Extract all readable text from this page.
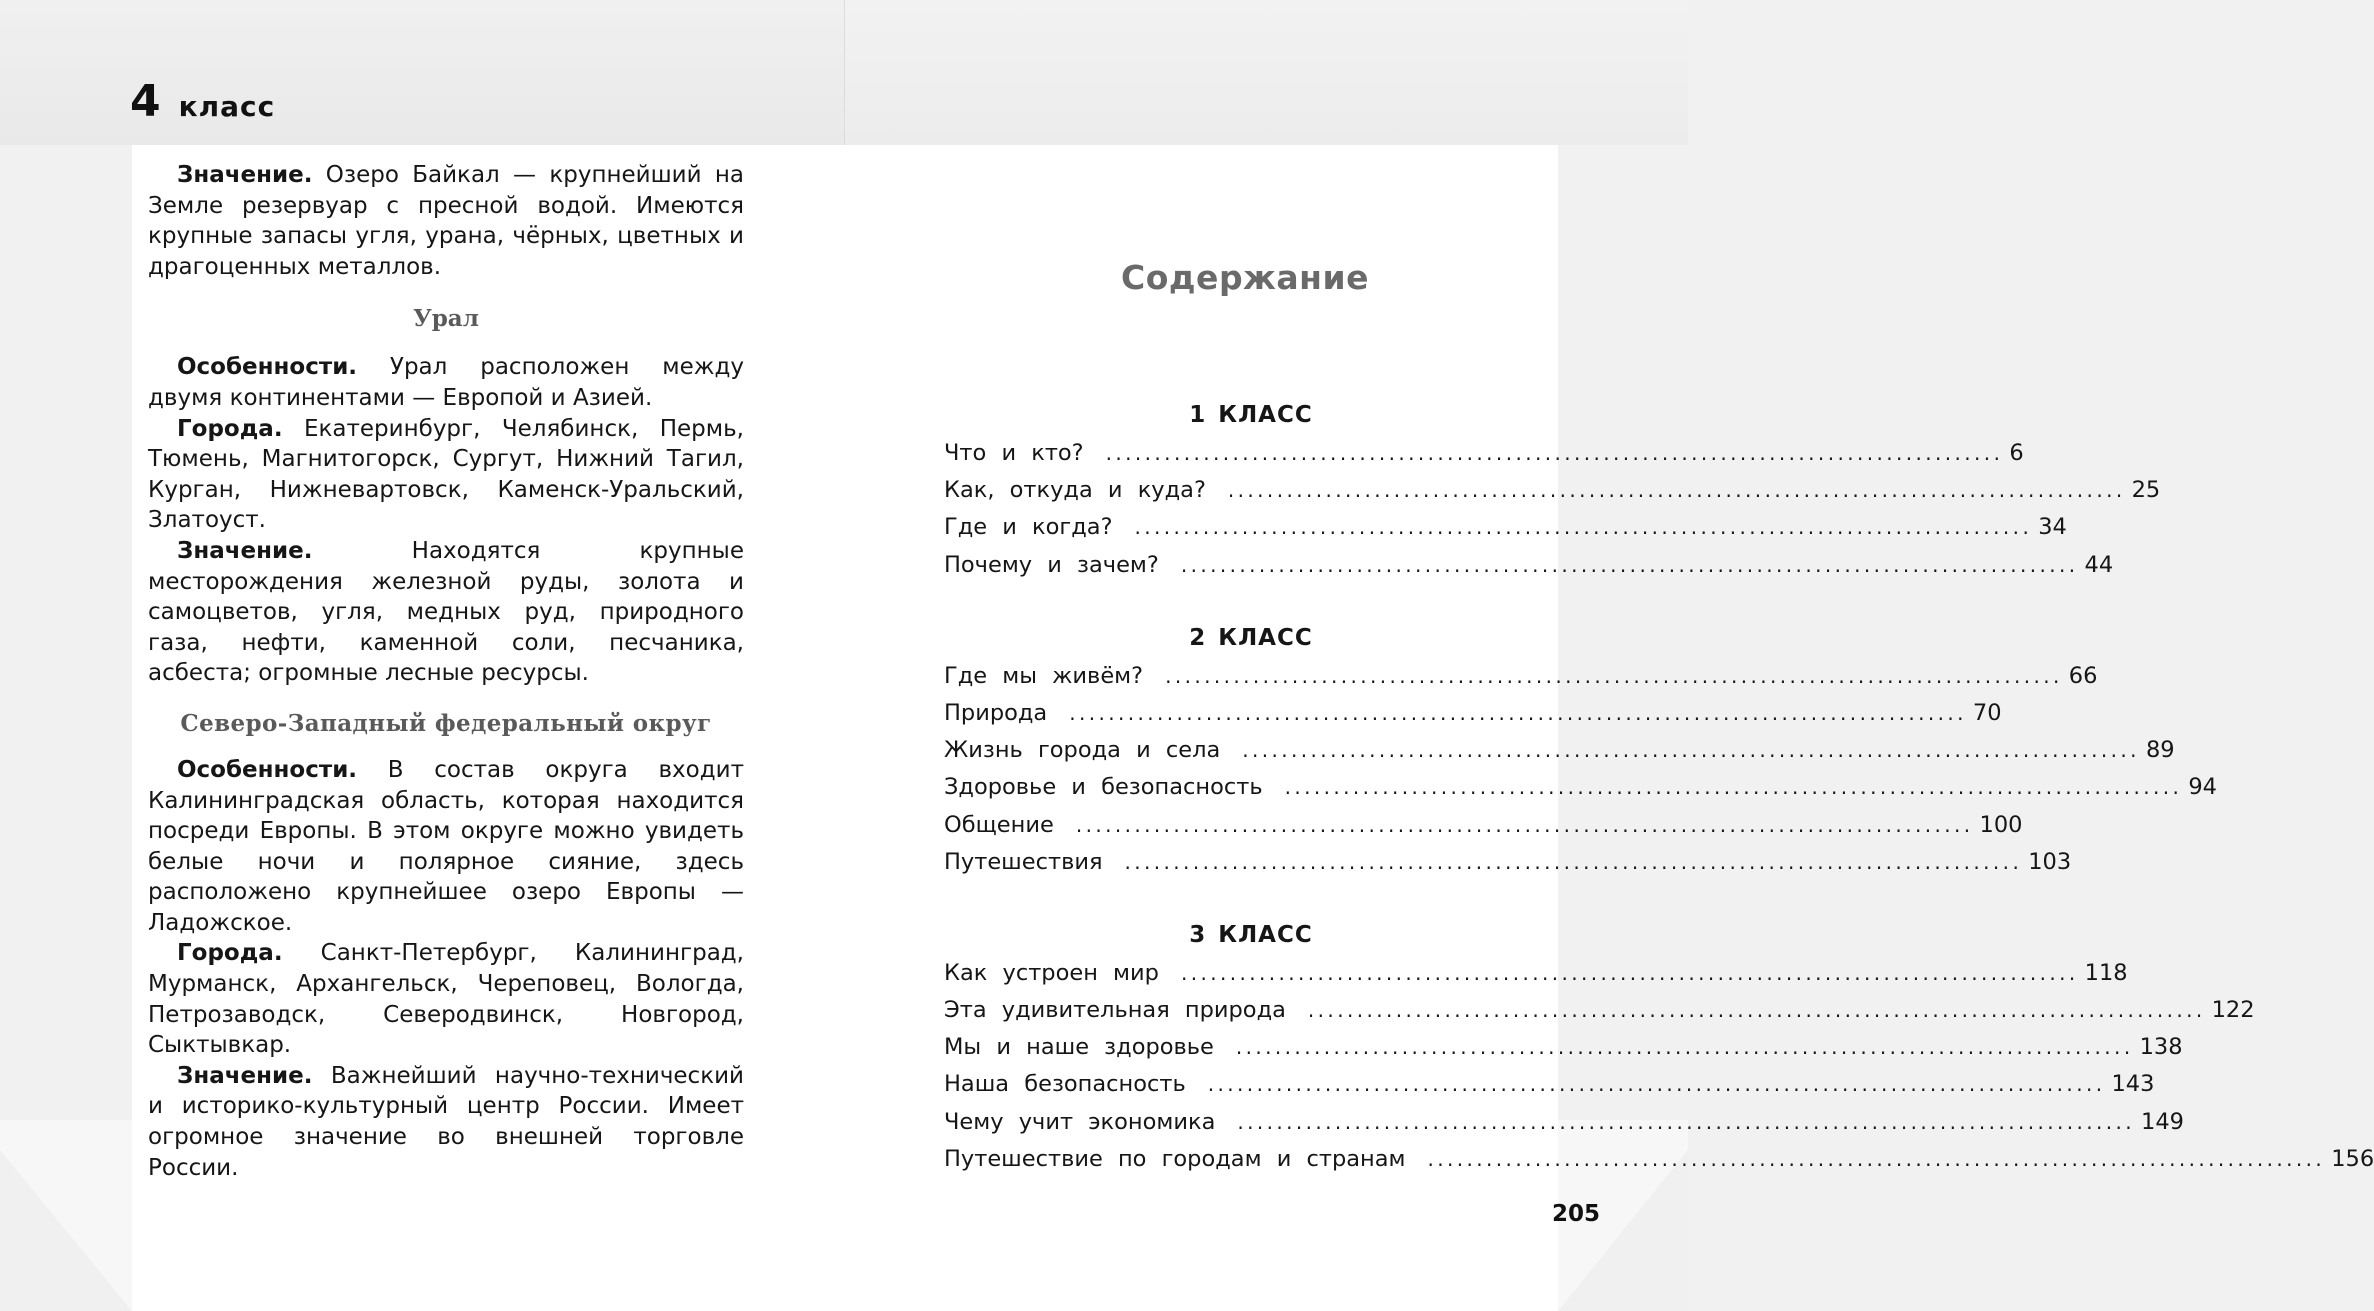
4 класс

Значение. Озеро Байкал — крупнейший на Земле резервуар с пресной водой. Имеются крупные запасы угля, урана, чёрных, цветных и драгоценных металлов.

Урал

Особенности. Урал расположен между двумя континентами — Европой и Азией.

Города. Екатеринбург, Челябинск, Пермь, Тюмень, Магнитогорск, Сургут, Нижний Тагил, Курган, Нижневартовск, Каменск-Уральский, Златоуст.

Значение. Находятся крупные месторождения железной руды, золота и самоцветов, угля, медных руд, природного газа, нефти, каменной соли, песчаника, асбеста; огромные лесные ресурсы.

Северо-Западный федеральный округ

Особенности. В состав округа входит Калининградская область, которая находится посреди Европы. В этом округе можно увидеть белые ночи и полярное сияние, здесь расположено крупнейшее озеро Европы — Ладожское.

Города. Санкт-Петербург, Калининград, Мурманск, Архангельск, Череповец, Вологда, Петрозаводск, Северодвинск, Новгород, Сыктывкар.

Значение. Важнейший научно-технический и историко-культурный центр России. Имеет огромное значение во внешней торговле России.

Содержание
1 КЛАСС
Что и кто? ............................................................................................ 6
Как, откуда и куда? ............................................................................................ 25
Где и когда? ............................................................................................ 34
Почему и зачем? ............................................................................................ 44
2 КЛАСС
Где мы живём? ............................................................................................ 66
Природа ............................................................................................ 70
Жизнь города и села ............................................................................................ 89
Здоровье и безопасность ............................................................................................ 94
Общение ............................................................................................ 100
Путешествия ............................................................................................ 103
3 КЛАСС
Как устроен мир ............................................................................................ 118
Эта удивительная природа ............................................................................................ 122
Мы и наше здоровье ............................................................................................ 138
Наша безопасность ............................................................................................ 143
Чему учит экономика ............................................................................................ 149
Путешествие по городам и странам ............................................................................................ 156
205
